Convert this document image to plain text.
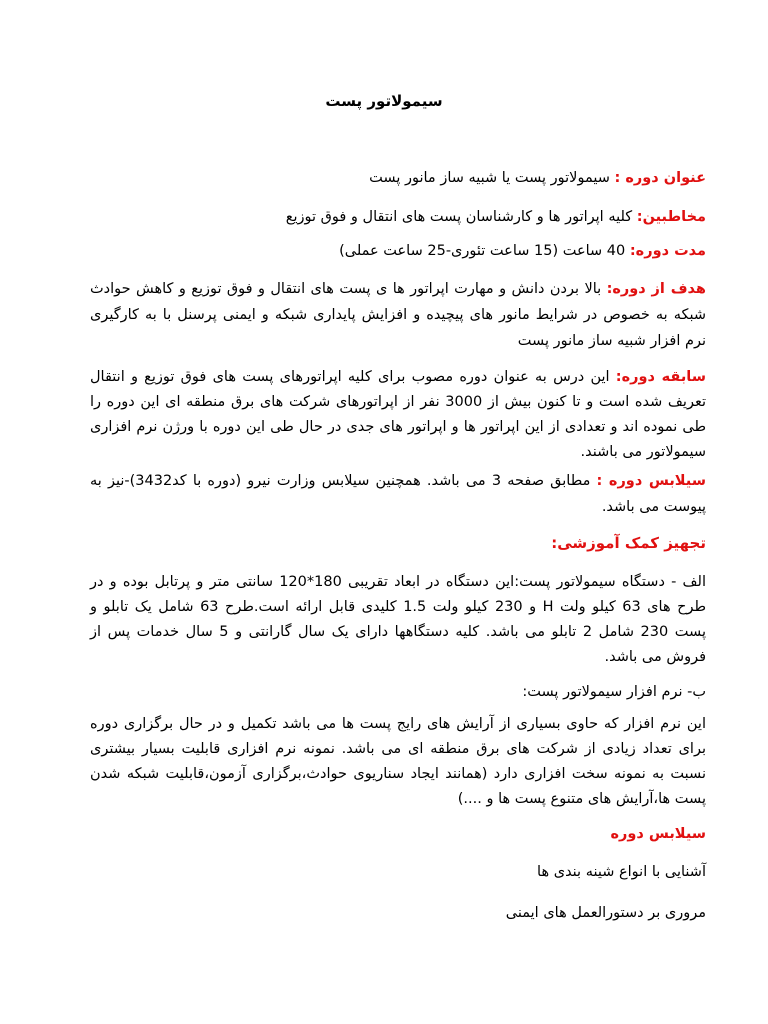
سیمولاتور پست
عنوان دوره : سیمولاتور پست یا شبیه ساز مانور پست
مخاطبین: کلیه اپراتور ها و کارشناسان پست های انتقال و فوق توزیع
مدت دوره: 40 ساعت (15 ساعت تئوری-25 ساعت عملی)
هدف از دوره: بالا بردن دانش و مهارت اپراتور ها ی پست های انتقال و فوق توزیع و کاهش حوادث شبکه به خصوص در شرایط مانور های پیچیده و افزایش پایداری شبکه و ایمنی پرسنل با به کارگیری نرم افزار شبیه ساز مانور پست
سابقه دوره: این درس به عنوان دوره مصوب برای کلیه اپراتورهای پست های فوق توزیع و انتقال تعریف شده است و تا کنون بیش از 3000 نفر از اپراتورهای شرکت های برق منطقه ای این دوره را طی نموده اند و تعدادی از این اپراتور ها و اپراتور های جدی در حال طی این دوره با ورژن نرم افزاری سیمولاتور می باشند.
سیلابس دوره : مطابق صفحه 3 می باشد. همچنین سیلابس وزارت نیرو (دوره با کد3432)-نیز به پیوست می باشد.
تجهیز کمک آموزشی:
الف - دستگاه سیمولاتور پست:این دستگاه در ابعاد تقریبی 180*120 سانتی متر و پرتابل بوده و در طرح های 63 کیلو ولت H و 230 کیلو ولت 1.5 کلیدی قابل ارائه است.طرح 63 شامل یک تابلو و پست 230 شامل 2 تابلو می باشد. کلیه دستگاهها دارای یک سال گارانتی و 5 سال خدمات پس از فروش می باشد.
ب- نرم افزار سیمولاتور پست:
این نرم افزار که حاوی بسیاری از آرایش های رایج پست ها می باشد تکمیل و در حال برگزاری دوره برای تعداد زیادی از شرکت های برق منطقه ای می باشد. نمونه نرم افزاری قابلیت بسیار بیشتری نسبت به نمونه سخت افزاری دارد (همانند ایجاد سناریوی حوادث،برگزاری آزمون،قابلیت شبکه شدن پست ها،آرایش های متنوع پست ها و ....)
سیلابس دوره
آشنایی با انواع شینه بندی ها
مروری بر دستورالعمل های ایمنی
